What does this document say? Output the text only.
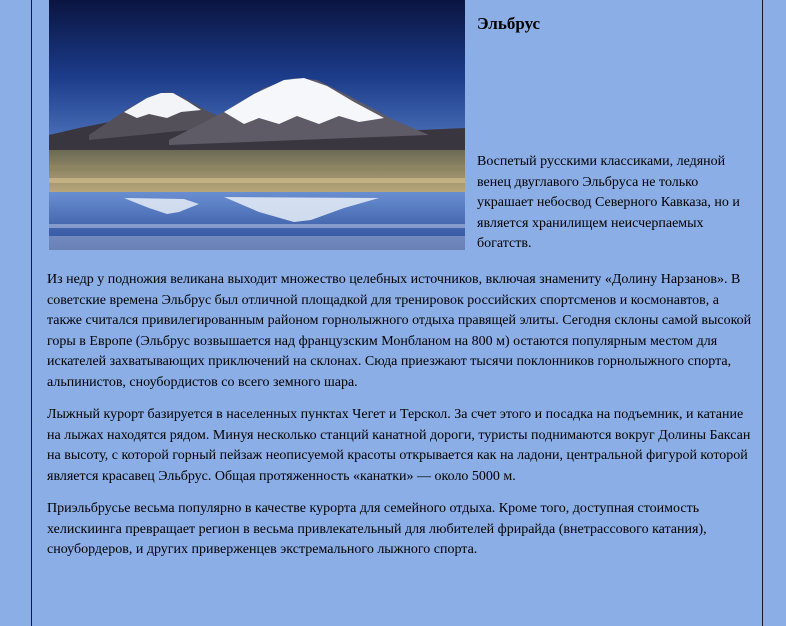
Эльбрус

Воспетый русскими классиками, ледяной венец двуглавого Эльбруса не только украшает небосвод Северного Кавказа, но и является хранилищем неисчерпаемых богатств.

Из недр у подножия великана выходит множество целебных источников, включая знамениту «Долину Нарзанов». В советские времена Эльбрус был отличной площадкой для тренировок российских спортсменов и космонавтов, а также считался привилегированным районом горнолыжного отдыха правящей элиты. Сегодня склоны самой высокой горы в Европе (Эльбрус возвышается над французским Монбланом на 800 м) остаются популярным местом для искателей захватывающих приключений на склонах. Сюда приезжают тысячи поклонников горнолыжного спорта, альпинистов, сноубордистов со всего земного шара.

Лыжный курорт базируется в населенных пунктах Чегет и Терскол. За счет этого и посадка на подъемник, и катание на лыжах находятся рядом. Минуя несколько станций канатной дороги, туристы поднимаются вокруг Долины Баксан на высоту, с которой горный пейзаж неописуемой красоты открывается как на ладони, центральной фигурой которой является красавец Эльбрус. Общая протяженность «канатки» — около 5000 м.

Приэльбрусье весьма популярно в качестве курорта для семейного отдыха. Кроме того, доступная стоимость хелискиинга превращает регион в весьма привлекательный для любителей фрирайда (внетрассового катания), сноубордеров, и других приверженцев экстремального лыжного спорта.
